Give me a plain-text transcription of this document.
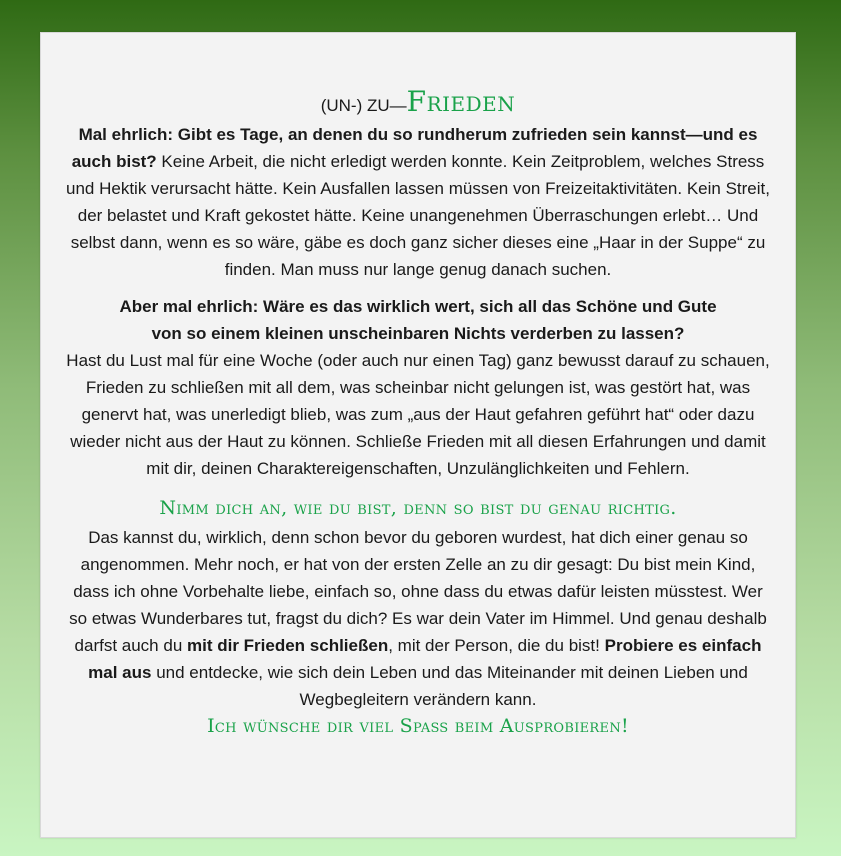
(UN-) ZU—Frieden

Mal ehrlich: Gibt es Tage, an denen du so rundherum zufrieden sein kannst—und es auch bist? Keine Arbeit, die nicht erledigt werden konnte. Kein Zeitproblem, welches Stress und Hektik verursacht hätte. Kein Ausfallen lassen müssen von Freizeitaktivitäten. Kein Streit, der belastet und Kraft gekostet hätte. Keine unangenehmen Überraschungen erlebt… Und selbst dann, wenn es so wäre, gäbe es doch ganz sicher dieses eine „Haar in der Suppe“ zu finden. Man muss nur lange genug danach suchen.

Aber mal ehrlich: Wäre es das wirklich wert, sich all das Schöne und Gute
von so einem kleinen unscheinbaren Nichts verderben zu lassen?
Hast du Lust mal für eine Woche (oder auch nur einen Tag) ganz bewusst darauf zu schauen, Frieden zu schließen mit all dem, was scheinbar nicht gelungen ist, was gestört hat, was genervt hat, was unerledigt blieb, was zum „aus der Haut gefahren geführt hat“ oder dazu wieder nicht aus der Haut zu können. Schließe Frieden mit all diesen Erfahrungen und damit mit dir, deinen Charaktereigenschaften, Unzulänglichkeiten und Fehlern.

Nimm dich an, wie du bist, denn so bist du genau richtig.

Das kannst du, wirklich, denn schon bevor du geboren wurdest, hat dich einer genau so angenommen. Mehr noch, er hat von der ersten Zelle an zu dir gesagt: Du bist mein Kind, dass ich ohne Vorbehalte liebe, einfach so, ohne dass du etwas dafür leisten müsstest. Wer so etwas Wunderbares tut, fragst du dich? Es war dein Vater im Himmel. Und genau deshalb darfst auch du mit dir Frieden schließen, mit der Person, die du bist! Probiere es einfach mal aus und entdecke, wie sich dein Leben und das Miteinander mit deinen Lieben und Wegbegleitern verändern kann.

Ich wünsche dir viel Spaß beim Ausprobieren!
